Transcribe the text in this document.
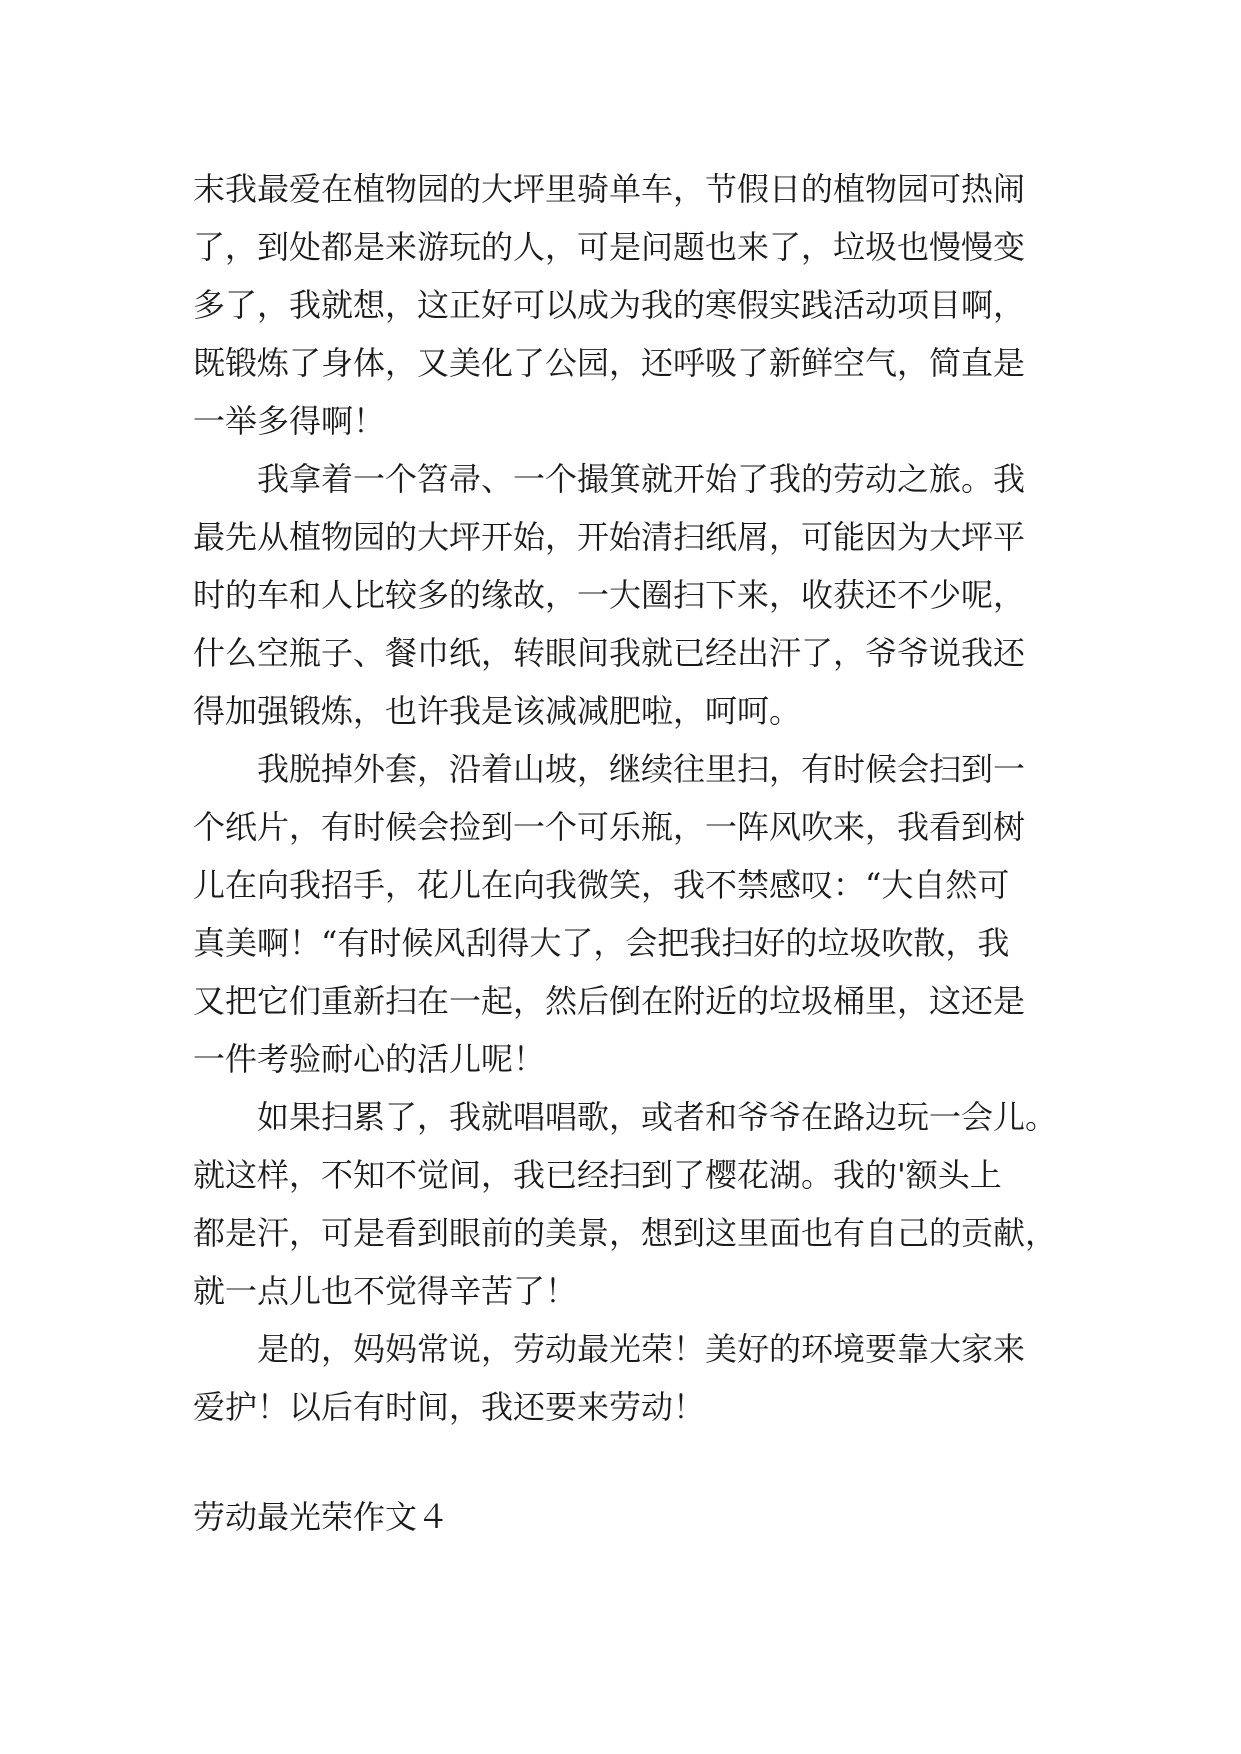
末我最爱在植物园的大坪里骑单车，节假日的植物园可热闹
了，到处都是来游玩的人，可是问题也来了，垃圾也慢慢变
多了，我就想，这正好可以成为我的寒假实践活动项目啊，
既锻炼了身体，又美化了公园，还呼吸了新鲜空气，简直是
一举多得啊！
我拿着一个笤帚、一个撮箕就开始了我的劳动之旅。我
最先从植物园的大坪开始，开始清扫纸屑，可能因为大坪平
时的车和人比较多的缘故，一大圈扫下来，收获还不少呢，
什么空瓶子、餐巾纸，转眼间我就已经出汗了，爷爷说我还
得加强锻炼，也许我是该减减肥啦，呵呵。
我脱掉外套，沿着山坡，继续往里扫，有时候会扫到一
个纸片，有时候会捡到一个可乐瓶，一阵风吹来，我看到树
儿在向我招手，花儿在向我微笑，我不禁感叹：“大自然可
真美啊！“有时候风刮得大了，会把我扫好的垃圾吹散，我
又把它们重新扫在一起，然后倒在附近的垃圾桶里，这还是
一件考验耐心的活儿呢！
如果扫累了，我就唱唱歌，或者和爷爷在路边玩一会儿。
就这样，不知不觉间，我已经扫到了樱花湖。我的'额头上
都是汗，可是看到眼前的美景，想到这里面也有自己的贡献，
就一点儿也不觉得辛苦了！
是的，妈妈常说，劳动最光荣！美好的环境要靠大家来
爱护！以后有时间，我还要来劳动！
劳动最光荣作文４
